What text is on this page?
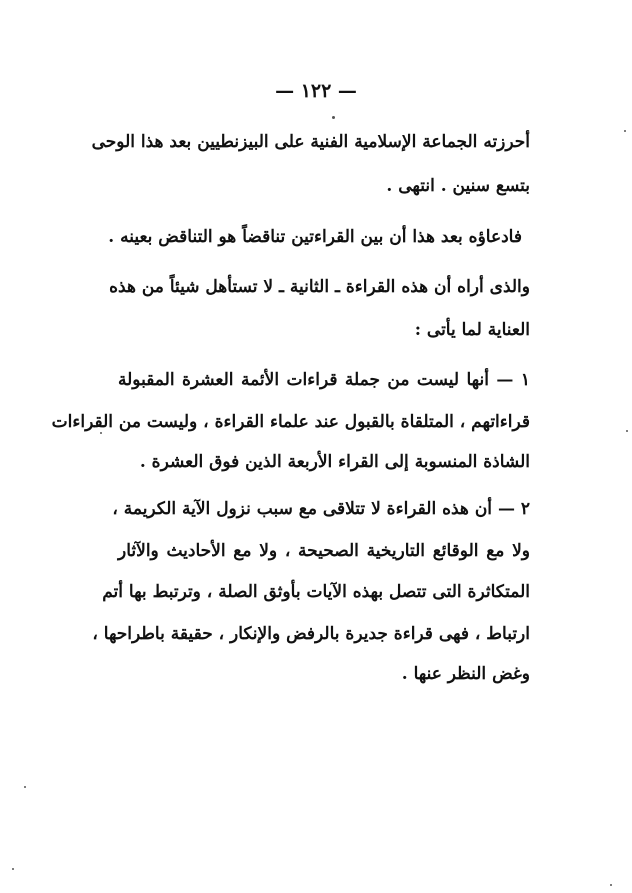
— ١٢٢ —
أحرزته الجماعة الإسلامية الفنية على البيزنطيين بعد هذا الوحى
بتسع سنين . انتهى .
فادعاؤه بعد هذا أن بين القراءتين تناقضاً هو التناقض بعينه .
والذى أراه أن هذه القراءة ـ الثانية ـ لا تستأهل شيئاً من هذه
العناية لما يأتى :
١ — أنها ليست من جملة قراءات الأئمة العشرة المقبولة
قراءاتهم ، المتلقاة بالقبول عند علماء القراءة ، وليست من القراءات
الشاذة المنسوبة إلى القراء الأربعة الذين فوق العشرة .
٢ — أن هذه القراءة لا تتلاقى مع سبب نزول الآية الكريمة ،
ولا مع الوقائع التاريخية الصحيحة ، ولا مع الأحاديث والآثار
المتكاثرة التى تتصل بهذه الآيات بأوثق الصلة ، وترتبط بها أتم
ارتباط ، فهى قراءة جديرة بالرفض والإنكار ، حقيقة باطراحها ،
وغض النظر عنها .
